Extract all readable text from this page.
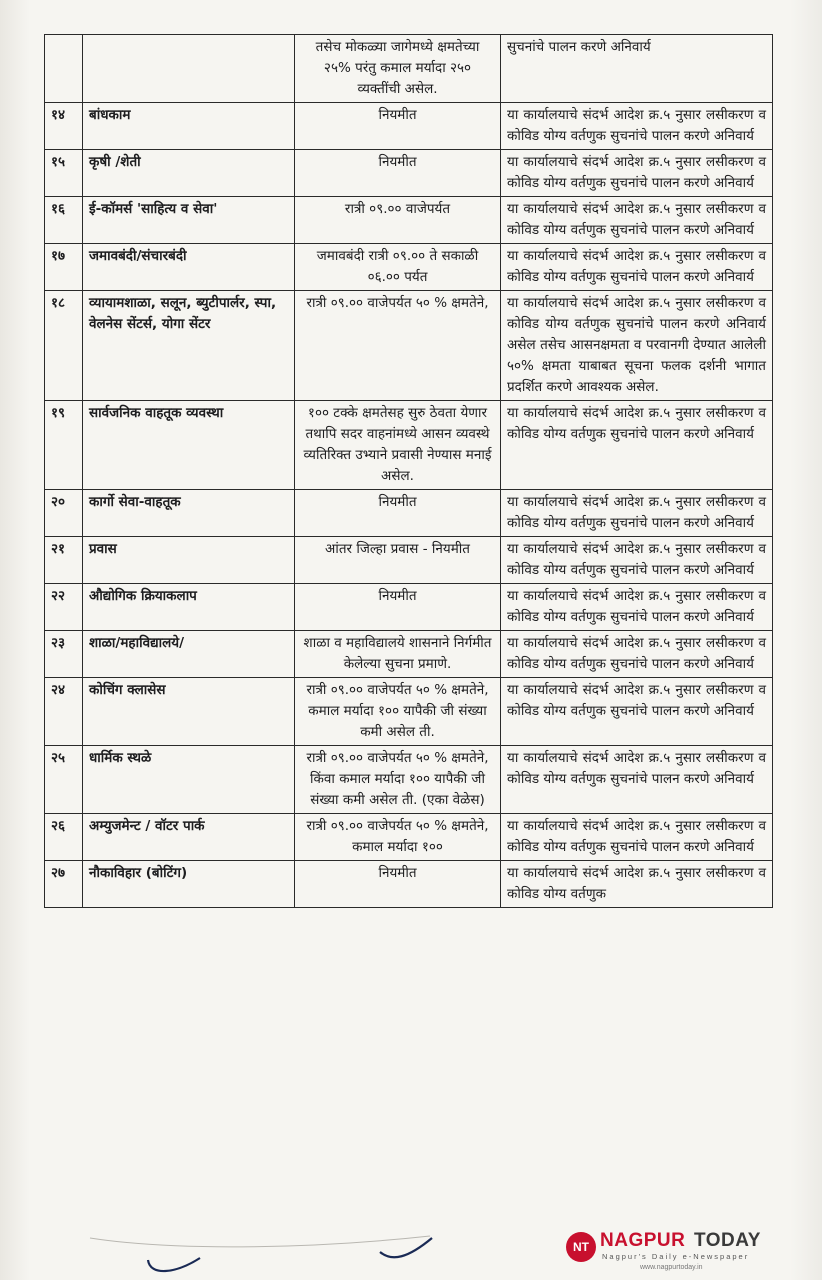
		तसेच मोकळ्या जागेमध्ये क्षमतेच्या २५% परंतु कमाल मर्यादा २५० व्यक्तींची असेल.	सुचनांचे पालन करणे अनिवार्य
१४	बांधकाम	नियमीत	या कार्यालयाचे संदर्भ आदेश क्र.५ नुसार लसीकरण व कोविड योग्य वर्तणुक सुचनांचे पालन करणे अनिवार्य
१५	कृषी /शेती	नियमीत	या कार्यालयाचे संदर्भ आदेश क्र.५ नुसार लसीकरण व कोविड योग्य वर्तणुक सुचनांचे पालन करणे अनिवार्य
१६	ई-कॉमर्स 'साहित्य व सेवा'	रात्री ०९.०० वाजेपर्यत	या कार्यालयाचे संदर्भ आदेश क्र.५ नुसार लसीकरण व कोविड योग्य वर्तणुक सुचनांचे पालन करणे अनिवार्य
१७	जमावबंदी/संचारबंदी	जमावबंदी रात्री ०९.०० ते सकाळी ०६.०० पर्यत	या कार्यालयाचे संदर्भ आदेश क्र.५ नुसार लसीकरण व कोविड योग्य वर्तणुक सुचनांचे पालन करणे अनिवार्य
१८	व्यायामशाळा, सलून, ब्युटीपार्लर, स्पा, वेलनेस सेंटर्स, योगा सेंटर	रात्री ०९.०० वाजेपर्यत ५० % क्षमतेने,	या कार्यालयाचे संदर्भ आदेश क्र.५ नुसार लसीकरण व कोविड योग्य वर्तणुक सुचनांचे पालन करणे अनिवार्य असेल तसेच आसनक्षमता व परवानगी देण्यात आलेली ५०% क्षमता याबाबत सूचना फलक दर्शनी भागात प्रदर्शित करणे आवश्यक असेल.
१९	सार्वजनिक वाहतूक व्यवस्था	१०० टक्के क्षमतेसह सुरु ठेवता येणार तथापि सदर वाहनांमध्ये आसन व्यवस्थे व्यतिरिक्त उभ्याने प्रवासी नेण्यास मनाई असेल.	या कार्यालयाचे संदर्भ आदेश क्र.५ नुसार लसीकरण व कोविड योग्य वर्तणुक सुचनांचे पालन करणे अनिवार्य
२०	कार्गो सेवा-वाहतूक	नियमीत	या कार्यालयाचे संदर्भ आदेश क्र.५ नुसार लसीकरण व कोविड योग्य वर्तणुक सुचनांचे पालन करणे अनिवार्य
२१	प्रवास	आंतर जिल्हा प्रवास - नियमीत	या कार्यालयाचे संदर्भ आदेश क्र.५ नुसार लसीकरण व कोविड योग्य वर्तणुक सुचनांचे पालन करणे अनिवार्य
२२	औद्योगिक क्रियाकलाप	नियमीत	या कार्यालयाचे संदर्भ आदेश क्र.५ नुसार लसीकरण व कोविड योग्य वर्तणुक सुचनांचे पालन करणे अनिवार्य
२३	शाळा/महाविद्यालये/	शाळा व महाविद्यालये शासनाने निर्गमीत केलेल्या सुचना प्रमाणे.	या कार्यालयाचे संदर्भ आदेश क्र.५ नुसार लसीकरण व कोविड योग्य वर्तणुक सुचनांचे पालन करणे अनिवार्य
२४	कोचिंग क्लासेस	रात्री ०९.०० वाजेपर्यत ५० % क्षमतेने, कमाल मर्यादा १०० यापैकी जी संख्या कमी असेल ती.	या कार्यालयाचे संदर्भ आदेश क्र.५ नुसार लसीकरण व कोविड योग्य वर्तणुक सुचनांचे पालन करणे अनिवार्य
२५	धार्मिक स्थळे	रात्री ०९.०० वाजेपर्यत ५० % क्षमतेने, किंवा कमाल मर्यादा १०० यापैकी जी संख्या कमी असेल ती. (एका वेळेस)	या कार्यालयाचे संदर्भ आदेश क्र.५ नुसार लसीकरण व कोविड योग्य वर्तणुक सुचनांचे पालन करणे अनिवार्य
२६	अम्युजमेन्ट / वॉटर पार्क	रात्री ०९.०० वाजेपर्यत ५० % क्षमतेने, कमाल मर्यादा १००	या कार्यालयाचे संदर्भ आदेश क्र.५ नुसार लसीकरण व कोविड योग्य वर्तणुक सुचनांचे पालन करणे अनिवार्य
२७	नौकाविहार (बोटिंग)	नियमीत	या कार्यालयाचे संदर्भ आदेश क्र.५ नुसार लसीकरण व कोविड योग्य वर्तणुक
NT NAGPUR TODAY
Nagpur's Daily e-Newspaper
www.nagpurtoday.in
